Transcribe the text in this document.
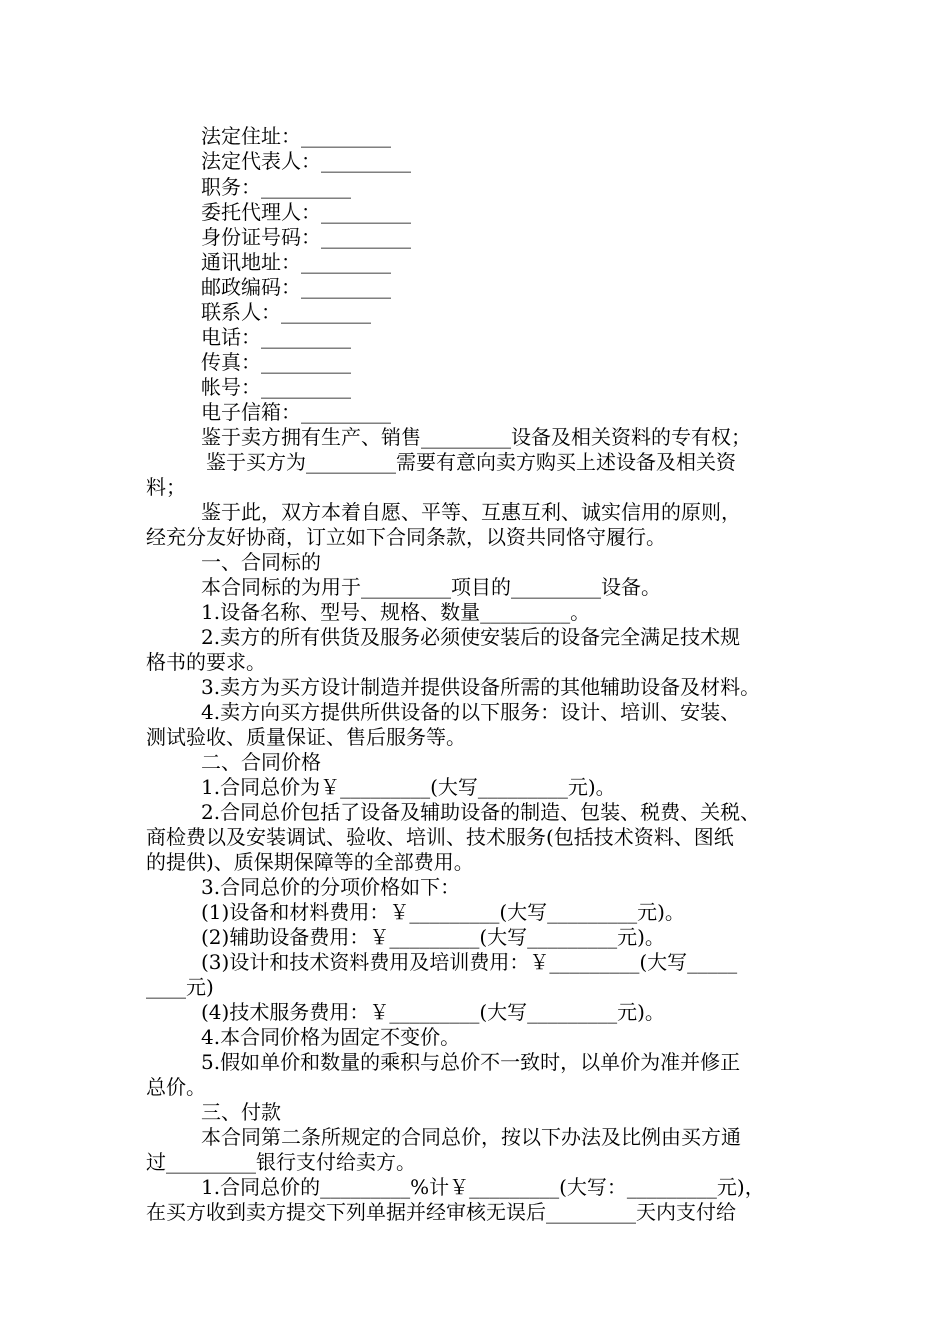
法定住址：_________
法定代表人：_________
职务：_________
委托代理人：_________
身份证号码：_________
通讯地址：_________
邮政编码：_________
联系人：_________
电话：_________
传真：_________
帐号：_________
电子信箱：_________
鉴于卖方拥有生产、销售_________设备及相关资料的专有权；
鉴于买方为_________需要有意向卖方购买上述设备及相关资
料；
鉴于此，双方本着自愿、平等、互惠互利、诚实信用的原则，
经充分友好协商，订立如下合同条款，以资共同恪守履行。
一、合同标的
本合同标的为用于_________项目的_________设备。
1.设备名称、型号、规格、数量_________。
2.卖方的所有供货及服务必须使安装后的设备完全满足技术规
格书的要求。
3.卖方为买方设计制造并提供设备所需的其他辅助设备及材料。
4.卖方向买方提供所供设备的以下服务：设计、培训、安装、
测试验收、质量保证、售后服务等。
二、合同价格
1.合同总价为￥_________(大写_________元)。
2.合同总价包括了设备及辅助设备的制造、包装、税费、关税、
商检费以及安装调试、验收、培训、技术服务(包括技术资料、图纸
的提供)、质保期保障等的全部费用。
3.合同总价的分项价格如下：
(1)设备和材料费用：￥_________(大写_________元)。
(2)辅助设备费用：￥_________(大写_________元)。
(3)设计和技术资料费用及培训费用：￥_________(大写_____
____元)
(4)技术服务费用：￥_________(大写_________元)。
4.本合同价格为固定不变价。
5.假如单价和数量的乘积与总价不一致时，以单价为准并修正
总价。
三、付款
本合同第二条所规定的合同总价，按以下办法及比例由买方通
过_________银行支付给卖方。
1.合同总价的_________%计￥_________(大写：_________元)，
在买方收到卖方提交下列单据并经审核无误后_________天内支付给
